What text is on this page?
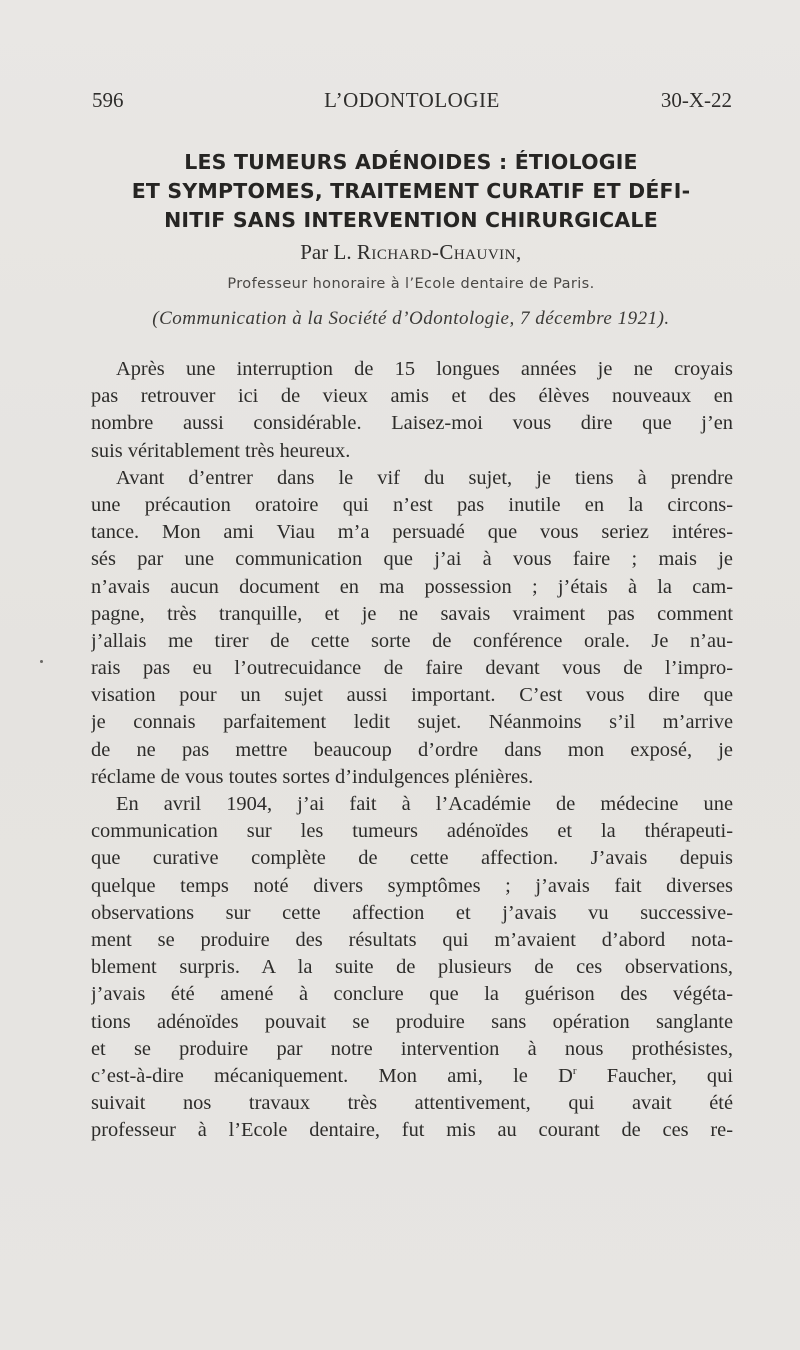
596	L’ODONTOLOGIE	30-X-22
LES TUMEURS ADÉNOIDES : ÉTIOLOGIE
ET SYMPTOMES, TRAITEMENT CURATIF ET DÉFI-
NITIF SANS INTERVENTION CHIRURGICALE
Par L. Richard-Chauvin,
Professeur honoraire à l’Ecole dentaire de Paris.
(Communication à la Société d’Odontologie, 7 décembre 1921).
Après une interruption de 15 longues années je ne croyais
pas retrouver ici de vieux amis et des élèves nouveaux en
nombre aussi considérable. Laisez-moi vous dire que j’en
suis véritablement très heureux.
Avant d’entrer dans le vif du sujet, je tiens à prendre
une précaution oratoire qui n’est pas inutile en la circons-
tance. Mon ami Viau m’a persuadé que vous seriez intéres-
sés par une communication que j’ai à vous faire ; mais je
n’avais aucun document en ma possession ; j’étais à la cam-
pagne, très tranquille, et je ne savais vraiment pas comment
j’allais me tirer de cette sorte de conférence orale. Je n’au-
rais pas eu l’outrecuidance de faire devant vous de l’impro-
visation pour un sujet aussi important. C’est vous dire que
je connais parfaitement ledit sujet. Néanmoins s’il m’arrive
de ne pas mettre beaucoup d’ordre dans mon exposé, je
réclame de vous toutes sortes d’indulgences plénières.
En avril 1904, j’ai fait à l’Académie de médecine une
communication sur les tumeurs adénoïdes et la thérapeuti-
que curative complète de cette affection. J’avais depuis
quelque temps noté divers symptômes ; j’avais fait diverses
observations sur cette affection et j’avais vu successive-
ment se produire des résultats qui m’avaient d’abord nota-
blement surpris. A la suite de plusieurs de ces observations,
j’avais été amené à conclure que la guérison des végéta-
tions adénoïdes pouvait se produire sans opération sanglante
et se produire par notre intervention à nous prothésistes,
c’est-à-dire mécaniquement. Mon ami, le $D^r$ Faucher, qui
suivait nos travaux très attentivement, qui avait été
professeur à l’Ecole dentaire, fut mis au courant de ces re-
